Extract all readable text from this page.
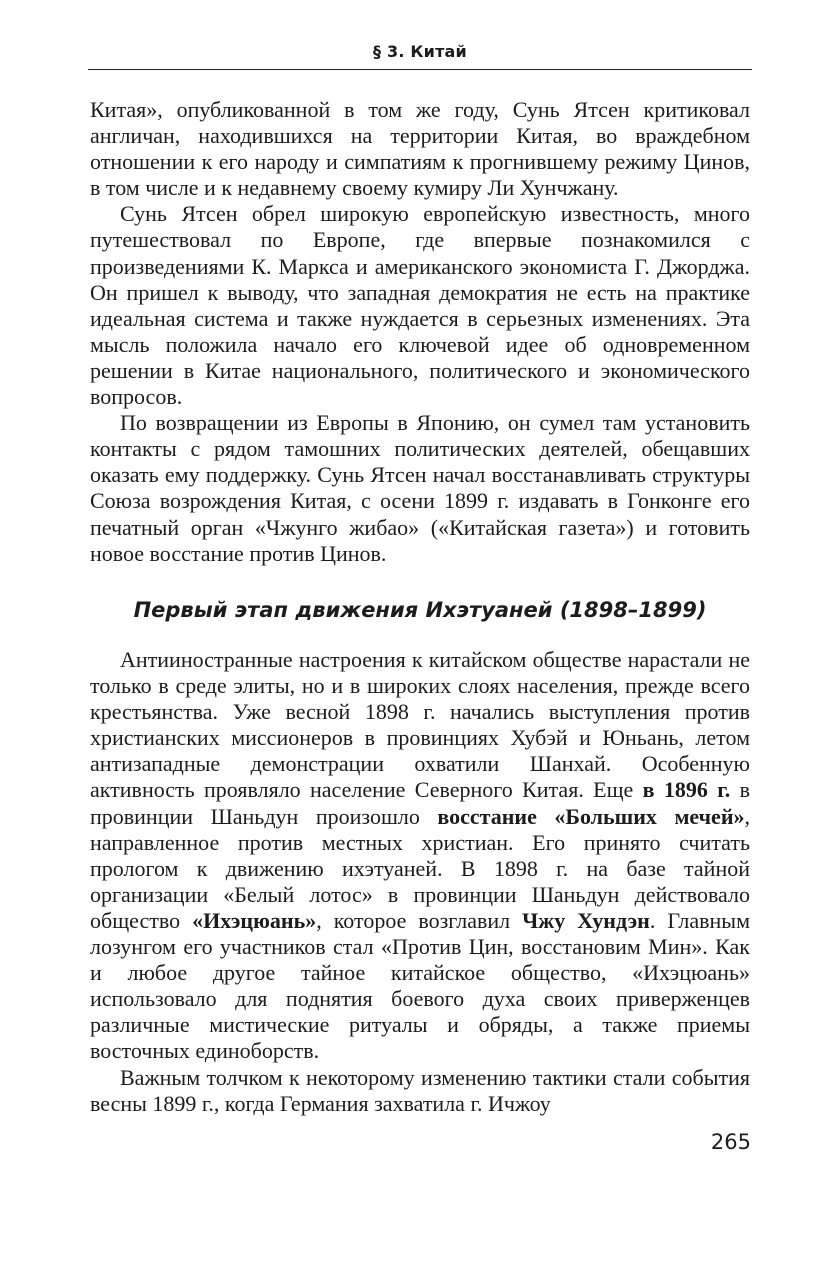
§ 3. Китай

Китая», опубликованной в том же году, Сунь Ятсен критиковал англичан, находившихся на территории Китая, во враждебном отношении к его народу и симпатиям к прогнившему режиму Цинов, в том числе и к недавнему своему кумиру Ли Хунчжану.

Сунь Ятсен обрел широкую европейскую известность, много путешествовал по Европе, где впервые познакомился с произведениями К. Маркса и американского экономиста Г. Джорджа. Он пришел к выводу, что западная демократия не есть на практике идеальная система и также нуждается в серьезных изменениях. Эта мысль положила начало его ключевой идее об одновременном решении в Китае национального, политического и экономического вопросов.

По возвращении из Европы в Японию, он сумел там установить контакты с рядом тамошних политических деятелей, обещавших оказать ему поддержку. Сунь Ятсен начал восстанавливать структуры Союза возрождения Китая, с осени 1899 г. издавать в Гонконге его печатный орган «Чжунго жибао» («Китайская газета») и готовить новое восстание против Цинов.

Первый этап движения Ихэтуаней (1898–1899)

Антииностранные настроения к китайском обществе нарастали не только в среде элиты, но и в широких слоях населения, прежде всего крестьянства. Уже весной 1898 г. начались выступления против христианских миссионеров в провинциях Хубэй и Юньань, летом антизападные демонстрации охватили Шанхай. Особенную активность проявляло население Северного Китая. Еще в 1896 г. в провинции Шаньдун произошло восстание «Больших мечей», направленное против местных христиан. Его принято считать прологом к движению ихэтуаней. В 1898 г. на базе тайной организации «Белый лотос» в провинции Шаньдун действовало общество «Ихэцюань», которое возглавил Чжу Хундэн. Главным лозунгом его участников стал «Против Цин, восстановим Мин». Как и любое другое тайное китайское общество, «Ихэцюань» использовало для поднятия боевого духа своих приверженцев различные мистические ритуалы и обряды, а также приемы восточных единоборств.

Важным толчком к некоторому изменению тактики стали события весны 1899 г., когда Германия захватила г. Ичжоу

265
